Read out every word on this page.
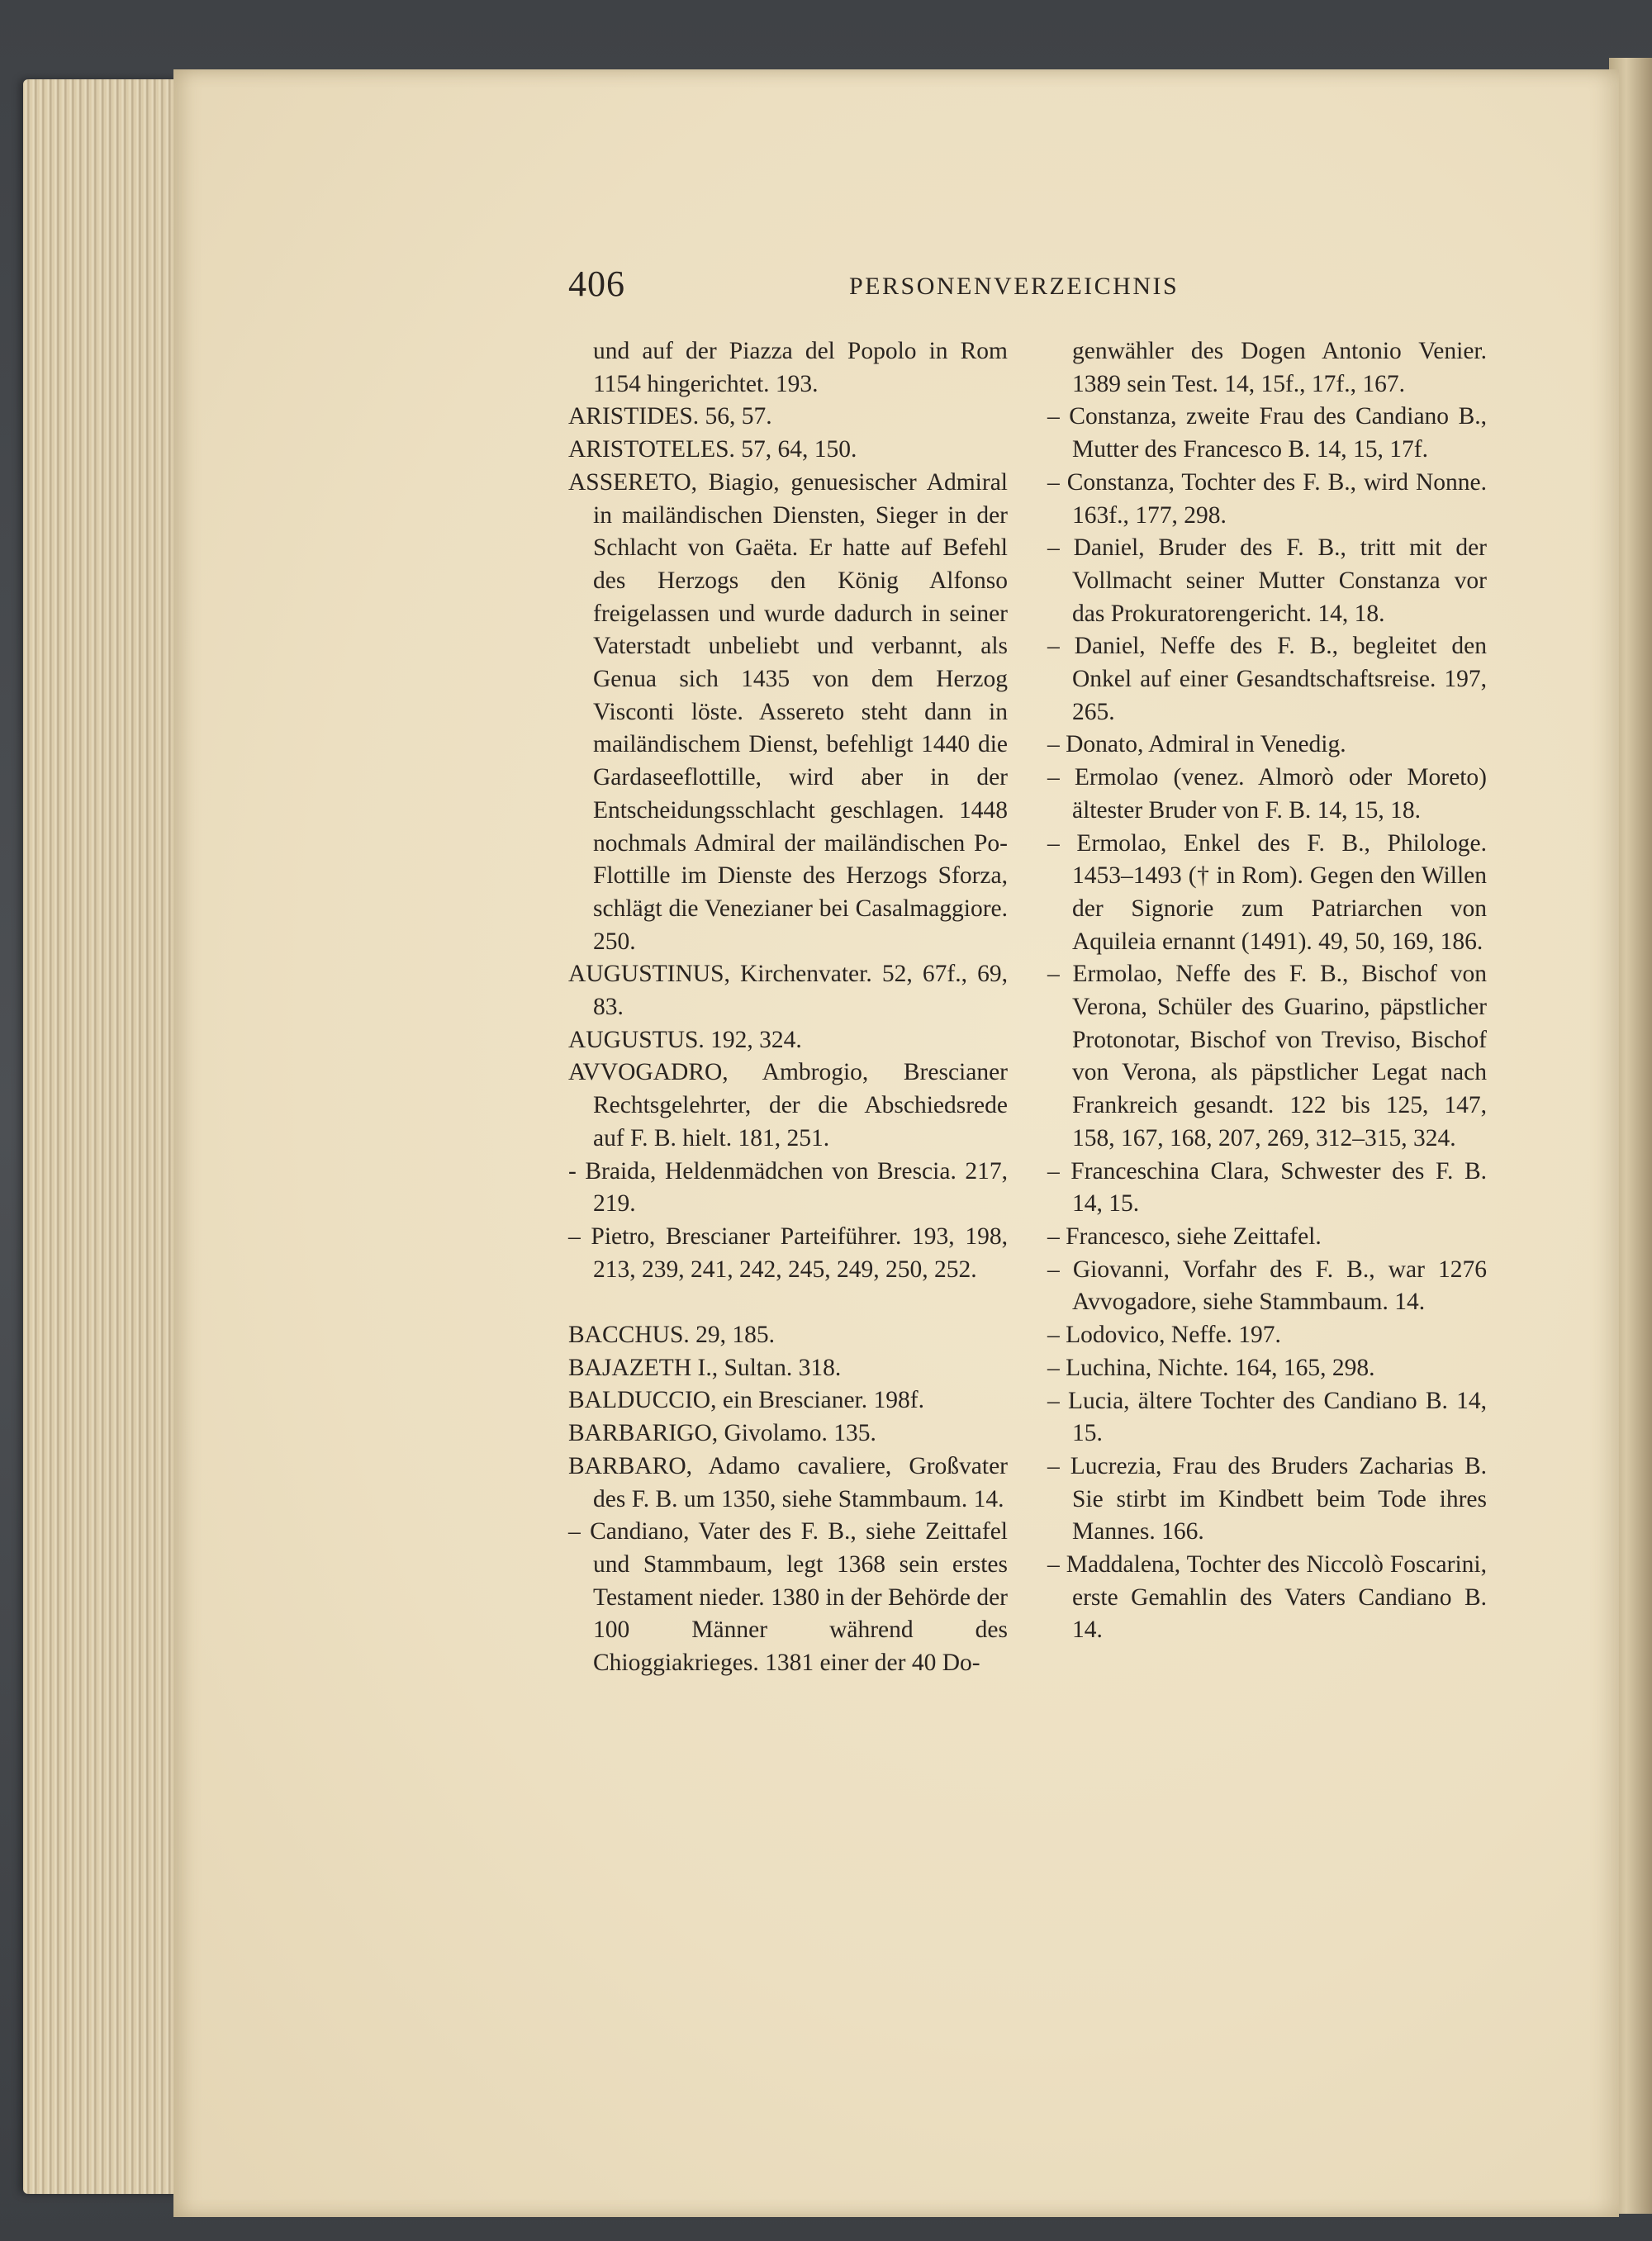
406	PERSONENVERZEICHNIS

und auf der Piazza del Popolo in Rom 1154 hingerichtet. 193.

ARISTIDES. 56, 57.

ARISTOTELES. 57, 64, 150.

ASSERETO, Biagio, genuesischer Admiral in mailändischen Diensten, Sieger in der Schlacht von Gaëta. Er hatte auf Befehl des Herzogs den König Alfonso freigelassen und wurde dadurch in seiner Vaterstadt unbeliebt und verbannt, als Genua sich 1435 von dem Herzog Visconti löste. Assereto steht dann in mailändischem Dienst, befehligt 1440 die Gardaseeflottille, wird aber in der Entscheidungsschlacht geschlagen. 1448 nochmals Admiral der mailändischen Po-Flottille im Dienste des Herzogs Sforza, schlägt die Venezianer bei Casalmaggiore. 250.

AUGUSTINUS, Kirchenvater. 52, 67f., 69, 83.

AUGUSTUS. 192, 324.

AVVOGADRO, Ambrogio, Brescianer Rechtsgelehrter, der die Abschiedsrede auf F. B. hielt. 181, 251.

- Braida, Heldenmädchen von Brescia. 217, 219.

– Pietro, Brescianer Parteiführer. 193, 198, 213, 239, 241, 242, 245, 249, 250, 252.

BACCHUS. 29, 185.

BAJAZETH I., Sultan. 318.

BALDUCCIO, ein Brescianer. 198f.

BARBARIGO, Givolamo. 135.

BARBARO, Adamo cavaliere, Großvater des F. B. um 1350, siehe Stammbaum. 14.

– Candiano, Vater des F. B., siehe Zeittafel und Stammbaum, legt 1368 sein erstes Testament nieder. 1380 in der Behörde der 100 Männer während des Chioggiakrieges. 1381 einer der 40 Do-

genwähler des Dogen Antonio Venier. 1389 sein Test. 14, 15f., 17f., 167.

– Constanza, zweite Frau des Candiano B., Mutter des Francesco B. 14, 15, 17f.

– Constanza, Tochter des F. B., wird Nonne. 163f., 177, 298.

– Daniel, Bruder des F. B., tritt mit der Vollmacht seiner Mutter Constanza vor das Prokuratorengericht. 14, 18.

– Daniel, Neffe des F. B., begleitet den Onkel auf einer Gesandtschaftsreise. 197, 265.

– Donato, Admiral in Venedig.

– Ermolao (venez. Almorò oder Moreto) ältester Bruder von F. B. 14, 15, 18.

– Ermolao, Enkel des F. B., Philologe. 1453–1493 († in Rom). Gegen den Willen der Signorie zum Patriarchen von Aquileia ernannt (1491). 49, 50, 169, 186.

– Ermolao, Neffe des F. B., Bischof von Verona, Schüler des Guarino, päpstlicher Protonotar, Bischof von Treviso, Bischof von Verona, als päpstlicher Legat nach Frankreich gesandt. 122 bis 125, 147, 158, 167, 168, 207, 269, 312–315, 324.

– Franceschina Clara, Schwester des F. B. 14, 15.

– Francesco, siehe Zeittafel.

– Giovanni, Vorfahr des F. B., war 1276 Avvogadore, siehe Stammbaum. 14.

– Lodovico, Neffe. 197.

– Luchina, Nichte. 164, 165, 298.

– Lucia, ältere Tochter des Candiano B. 14, 15.

– Lucrezia, Frau des Bruders Zacharias B. Sie stirbt im Kindbett beim Tode ihres Mannes. 166.

– Maddalena, Tochter des Niccolò Foscarini, erste Gemahlin des Vaters Candiano B. 14.
